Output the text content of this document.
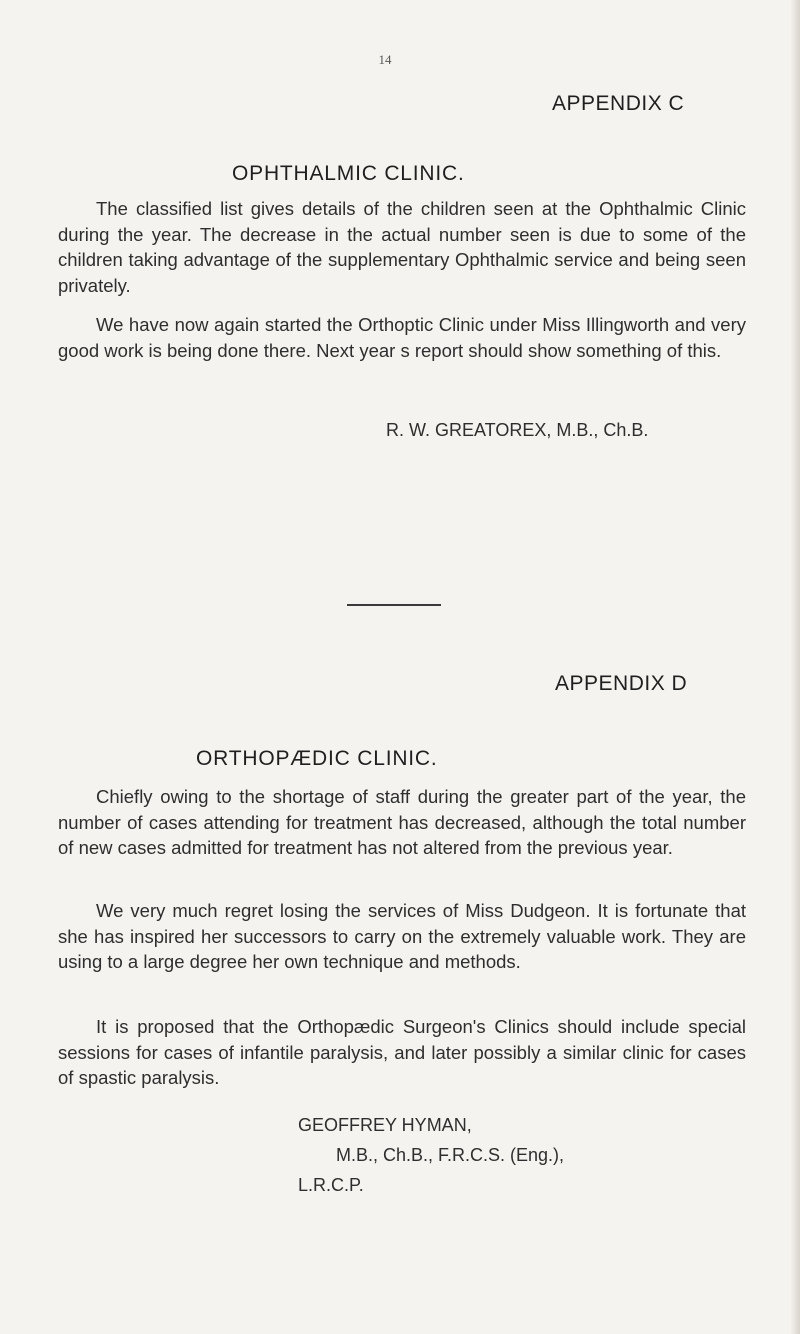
14
APPENDIX C
OPHTHALMIC CLINIC.

The classified list gives details of the children seen at the Ophthalmic Clinic during the year. The decrease in the actual number seen is due to some of the children taking advantage of the supplementary Ophthalmic service and being seen privately.

We have now again started the Orthoptic Clinic under Miss Illingworth and very good work is being done there. Next year s report should show something of this.

R. W. GREATOREX, M.B., Ch.B.
APPENDIX D
ORTHOPÆDIC CLINIC.

Chiefly owing to the shortage of staff during the greater part of the year, the number of cases attending for treatment has decreased, although the total number of new cases admitted for treatment has not altered from the previous year.

We very much regret losing the services of Miss Dudgeon. It is fortunate that she has inspired her successors to carry on the extremely valuable work. They are using to a large degree her own technique and methods.

It is proposed that the Orthopædic Surgeon's Clinics should include special sessions for cases of infantile paralysis, and later possibly a similar clinic for cases of spastic paralysis.

GEOFFREY HYMAN,
M.B., Ch.B., F.R.C.S. (Eng.),
L.R.C.P.
